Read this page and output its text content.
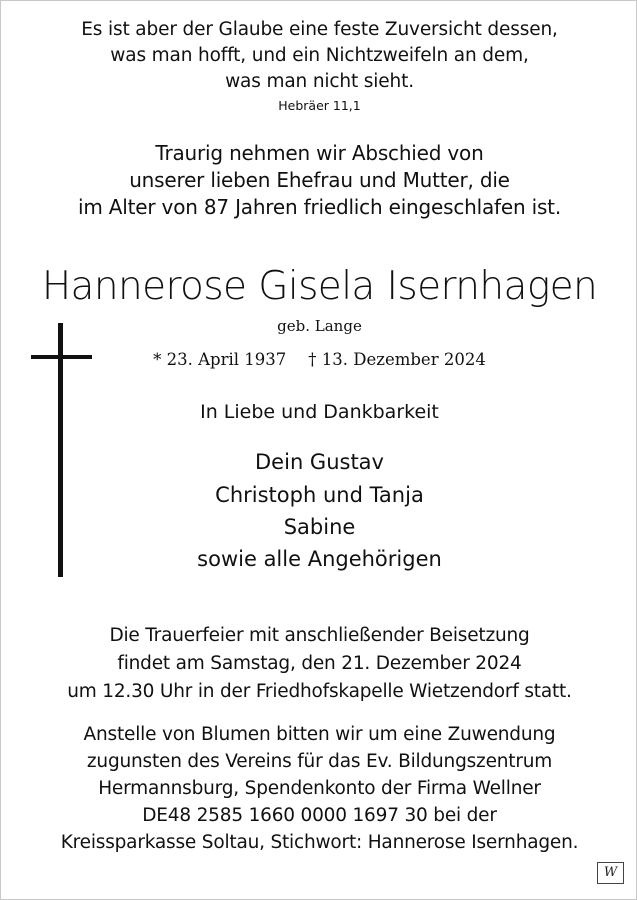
Es ist aber der Glaube eine feste Zuversicht dessen,
was man hofft, und ein Nichtzweifeln an dem,
was man nicht sieht.
Hebräer 11,1
Traurig nehmen wir Abschied von
unserer lieben Ehefrau und Mutter, die
im Alter von 87 Jahren friedlich eingeschlafen ist.
Hannerose Gisela Isernhagen
geb. Lange
* 23. April 1937 † 13. Dezember 2024
In Liebe und Dankbarkeit
Dein Gustav
Christoph und Tanja
Sabine
sowie alle Angehörigen
Die Trauerfeier mit anschließender Beisetzung
findet am Samstag, den 21. Dezember 2024
um 12.30 Uhr in der Friedhofskapelle Wietzendorf statt.
Anstelle von Blumen bitten wir um eine Zuwendung
zugunsten des Vereins für das Ev. Bildungszentrum
Hermannsburg, Spendenkonto der Firma Wellner
DE48 2585 1660 0000 1697 30 bei der
Kreissparkasse Soltau, Stichwort: Hannerose Isernhagen.
W
